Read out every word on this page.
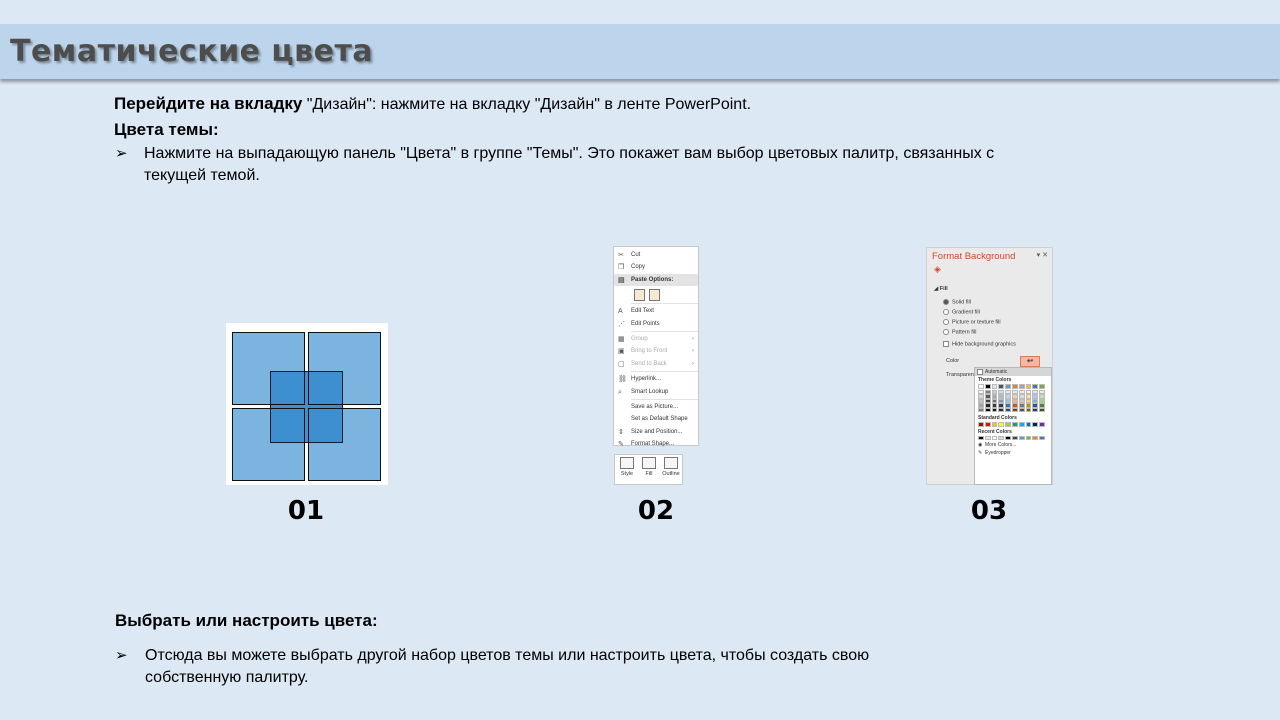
Тематические цвета
Перейдите на вкладку "Дизайн": нажмите на вкладку "Дизайн" в ленте PowerPoint.
Цвета темы:
➢ Нажмите на выпадающую панель "Цвета" в группе "Темы". Это покажет вам выбор цветовых палитр, связанных с текущей темой.
✂ Cut
❐ Copy
▤ Paste Options:
A	Edit Text
⋰ Edit Points
▦ Group	›
▣ Bring to Front	›
▢ Send to Back	›
⛓ Hyperlink...
⌕	Smart Lookup
Save as Picture...
Set as Default Shape
⇕ Size and Position...
✎ Format Shape...
Style	Fill	Outline
Format Background	▾ ✕
◈
◢ Fill
Solid fill
Gradient fill
Picture or texture fill
Pattern fill
Hide background graphics
Color
Transparen
◈▾
Automatic
Theme Colors
Standard Colors
Recent Colors
◉ More Colors...
✎ Eyedropper
01	02	03
Выбрать или настроить цвета:
➢ Отсюда вы можете выбрать другой набор цветов темы или настроить цвета, чтобы создать свою собственную палитру.
